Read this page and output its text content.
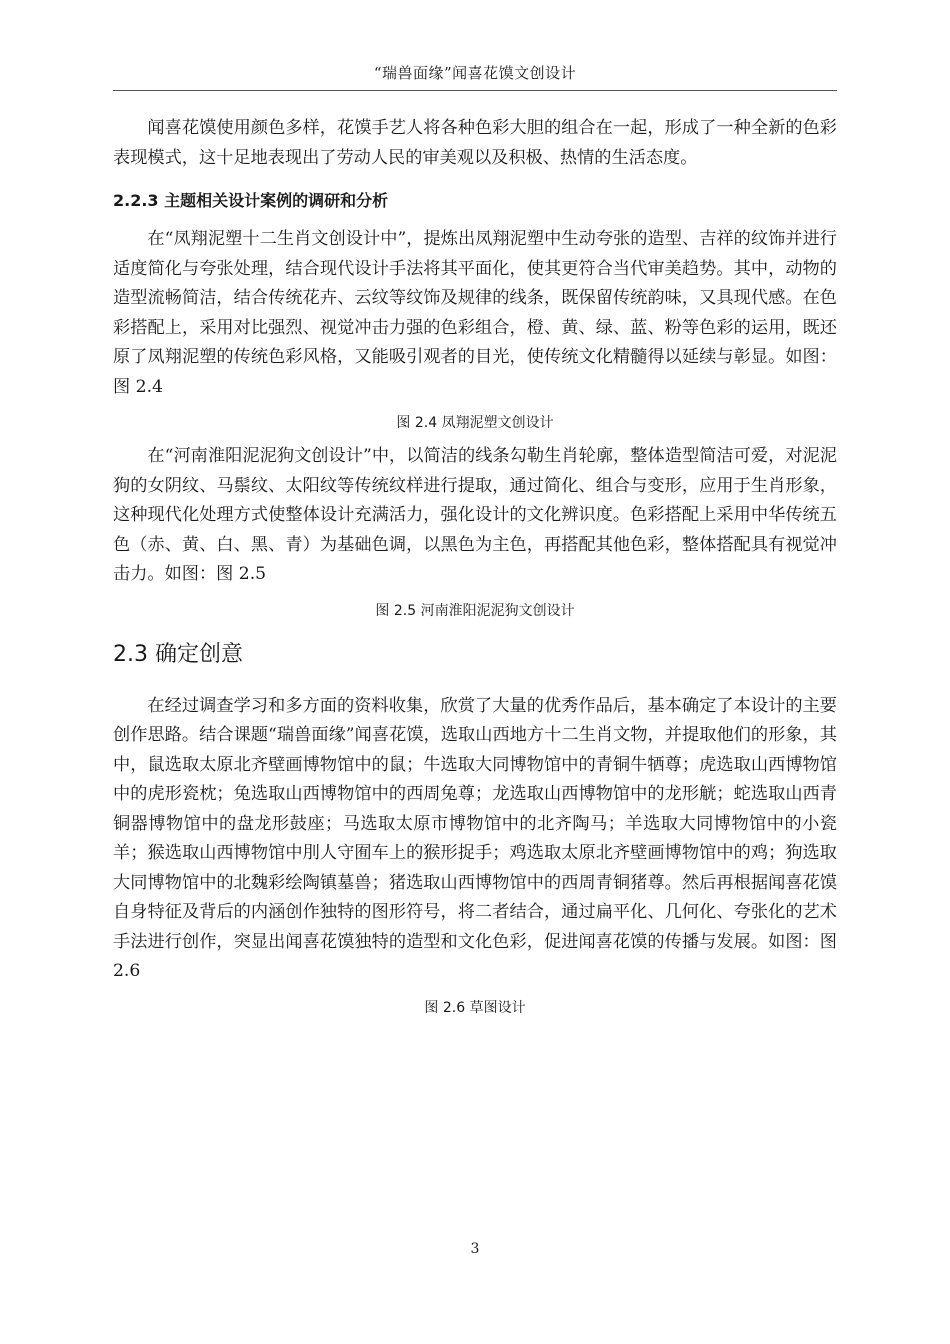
“瑞兽面缘”闻喜花馍文创设计

闻喜花馍使用颜色多样，花馍手艺人将各种色彩大胆的组合在一起，形成了一种全新的色彩表现模式，这十足地表现出了劳动人民的审美观以及积极、热情的生活态度。

2.2.3 主题相关设计案例的调研和分析

在“凤翔泥塑十二生肖文创设计中”，提炼出凤翔泥塑中生动夸张的造型、吉祥的纹饰并进行适度简化与夸张处理，结合现代设计手法将其平面化，使其更符合当代审美趋势。其中，动物的造型流畅简洁，结合传统花卉、云纹等纹饰及规律的线条，既保留传统韵味，又具现代感。在色彩搭配上，采用对比强烈、视觉冲击力强的色彩组合，橙、黄、绿、蓝、粉等色彩的运用，既还原了凤翔泥塑的传统色彩风格，又能吸引观者的目光，使传统文化精髓得以延续与彰显。如图：图 2.4

图 2.4 凤翔泥塑文创设计

在“河南淮阳泥泥狗文创设计”中，以简洁的线条勾勒生肖轮廓，整体造型简洁可爱，对泥泥狗的女阴纹、马鬃纹、太阳纹等传统纹样进行提取，通过简化、组合与变形，应用于生肖形象，这种现代化处理方式使整体设计充满活力，强化设计的文化辨识度。色彩搭配上采用中华传统五色（赤、黄、白、黑、青）为基础色调，以黑色为主色，再搭配其他色彩，整体搭配具有视觉冲击力。如图：图 2.5

图 2.5 河南淮阳泥泥狗文创设计
2.3 确定创意

在经过调查学习和多方面的资料收集，欣赏了大量的优秀作品后，基本确定了本设计的主要创作思路。结合课题“瑞兽面缘”闻喜花馍，选取山西地方十二生肖文物，并提取他们的形象，其中，鼠选取太原北齐壁画博物馆中的鼠；牛选取大同博物馆中的青铜牛牺尊；虎选取山西博物馆中的虎形瓷枕；兔选取山西博物馆中的西周兔尊；龙选取山西博物馆中的龙形觥；蛇选取山西青铜器博物馆中的盘龙形鼓座；马选取太原市博物馆中的北齐陶马；羊选取大同博物馆中的小瓷羊；猴选取山西博物馆中刖人守囿车上的猴形捉手；鸡选取太原北齐壁画博物馆中的鸡；狗选取大同博物馆中的北魏彩绘陶镇墓兽；猪选取山西博物馆中的西周青铜猪尊。然后再根据闻喜花馍自身特征及背后的内涵创作独特的图形符号，将二者结合，通过扁平化、几何化、夸张化的艺术手法进行创作，突显出闻喜花馍独特的造型和文化色彩，促进闻喜花馍的传播与发展。如图：图 2.6

图 2.6 草图设计
3
